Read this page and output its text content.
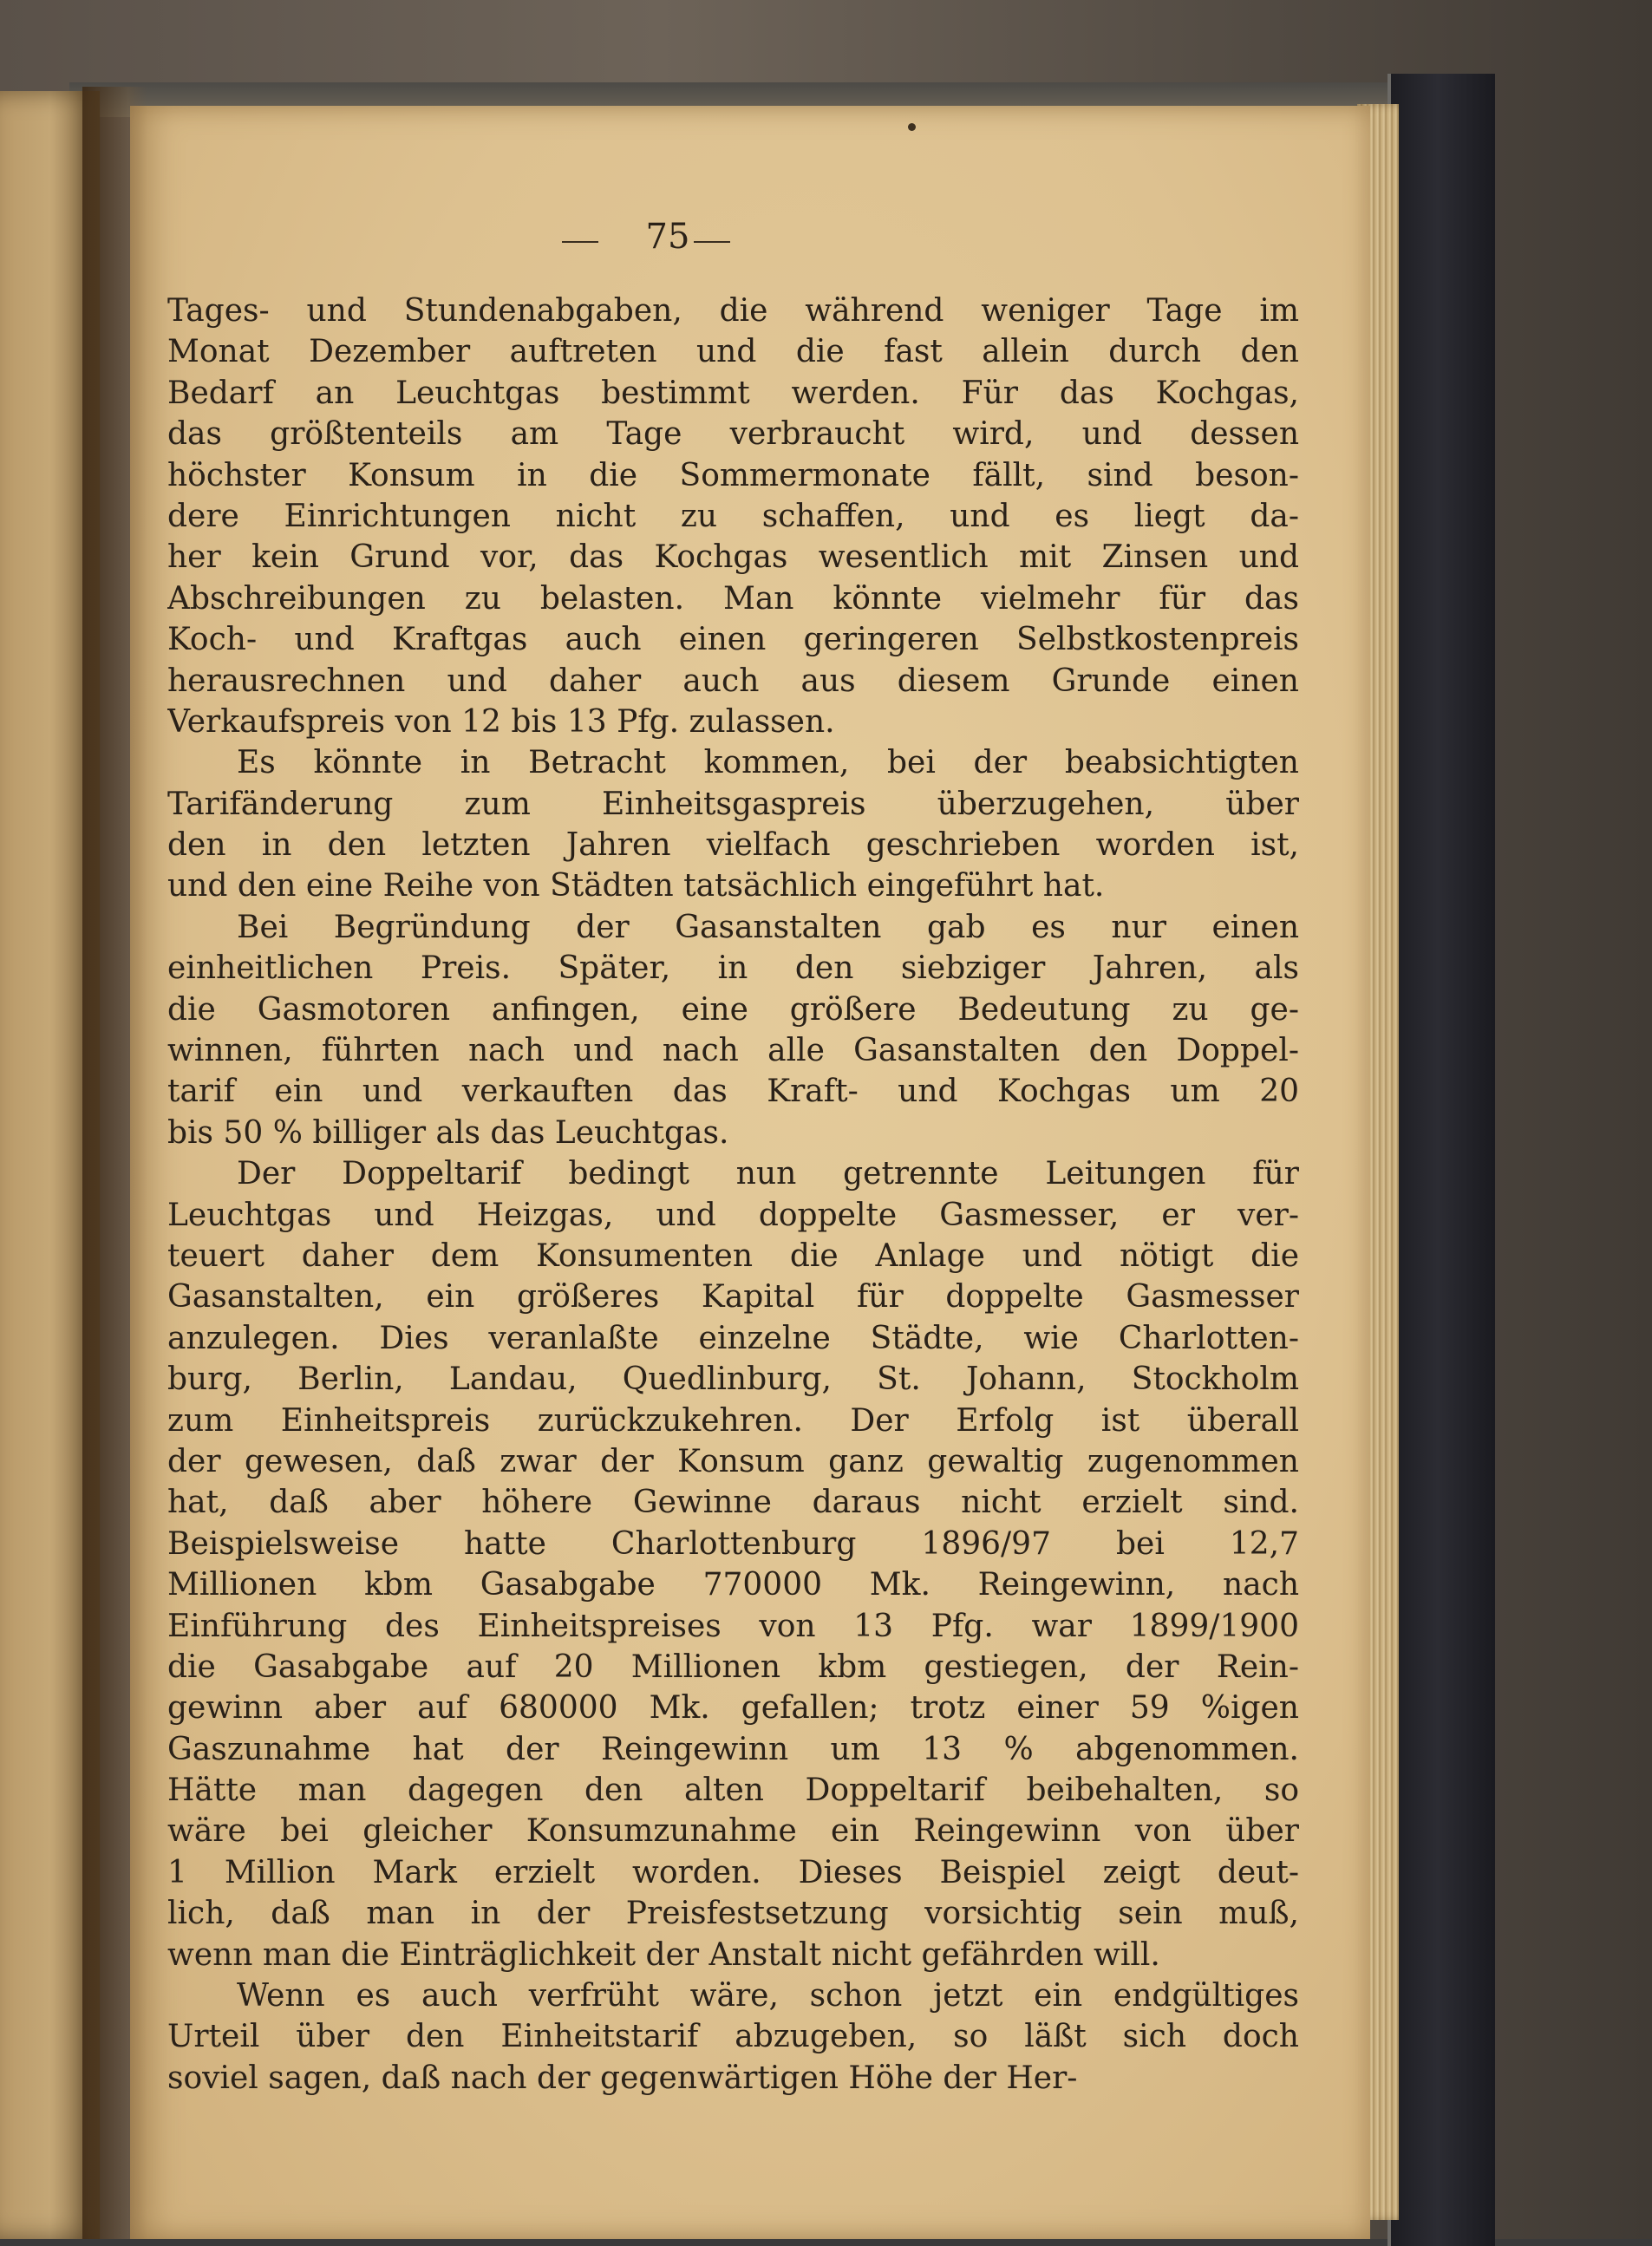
75

Tages- und Stundenabgaben, die während weniger Tage im
Monat Dezember auftreten und die fast allein durch den
Bedarf an Leuchtgas bestimmt werden. Für das Kochgas,
das größtenteils am Tage verbraucht wird, und dessen
höchster Konsum in die Sommermonate fällt, sind beson-
dere Einrichtungen nicht zu schaffen, und es liegt da-
her kein Grund vor, das Kochgas wesentlich mit Zinsen und
Abschreibungen zu belasten. Man könnte vielmehr für das
Koch- und Kraftgas auch einen geringeren Selbstkostenpreis
herausrechnen und daher auch aus diesem Grunde einen
Verkaufspreis von 12 bis 13 Pfg. zulassen.

Es könnte in Betracht kommen, bei der beabsichtigten
Tarifänderung zum Einheitsgaspreis überzugehen, über
den in den letzten Jahren vielfach geschrieben worden ist,
und den eine Reihe von Städten tatsächlich eingeführt hat.

Bei Begründung der Gasanstalten gab es nur einen
einheitlichen Preis. Später, in den siebziger Jahren, als
die Gasmotoren anfingen, eine größere Bedeutung zu ge-
winnen, führten nach und nach alle Gasanstalten den Doppel-
tarif ein und verkauften das Kraft- und Kochgas um 20
bis 50 % billiger als das Leuchtgas.

Der Doppeltarif bedingt nun getrennte Leitungen für
Leuchtgas und Heizgas, und doppelte Gasmesser, er ver-
teuert daher dem Konsumenten die Anlage und nötigt die
Gasanstalten, ein größeres Kapital für doppelte Gasmesser
anzulegen. Dies veranlaßte einzelne Städte, wie Charlotten-
burg, Berlin, Landau, Quedlinburg, St. Johann, Stockholm
zum Einheitspreis zurückzukehren. Der Erfolg ist überall
der gewesen, daß zwar der Konsum ganz gewaltig zugenommen
hat, daß aber höhere Gewinne daraus nicht erzielt sind.
Beispielsweise hatte Charlottenburg 1896/97 bei 12,7
Millionen kbm Gasabgabe 770000 Mk. Reingewinn, nach
Einführung des Einheitspreises von 13 Pfg. war 1899/1900
die Gasabgabe auf 20 Millionen kbm gestiegen, der Rein-
gewinn aber auf 680000 Mk. gefallen; trotz einer 59 %igen
Gaszunahme hat der Reingewinn um 13 % abgenommen.
Hätte man dagegen den alten Doppeltarif beibehalten, so
wäre bei gleicher Konsumzunahme ein Reingewinn von über
1 Million Mark erzielt worden. Dieses Beispiel zeigt deut-
lich, daß man in der Preisfestsetzung vorsichtig sein muß,
wenn man die Einträglichkeit der Anstalt nicht gefährden will.

Wenn es auch verfrüht wäre, schon jetzt ein endgültiges
Urteil über den Einheitstarif abzugeben, so läßt sich doch
soviel sagen, daß nach der gegenwärtigen Höhe der Her-
